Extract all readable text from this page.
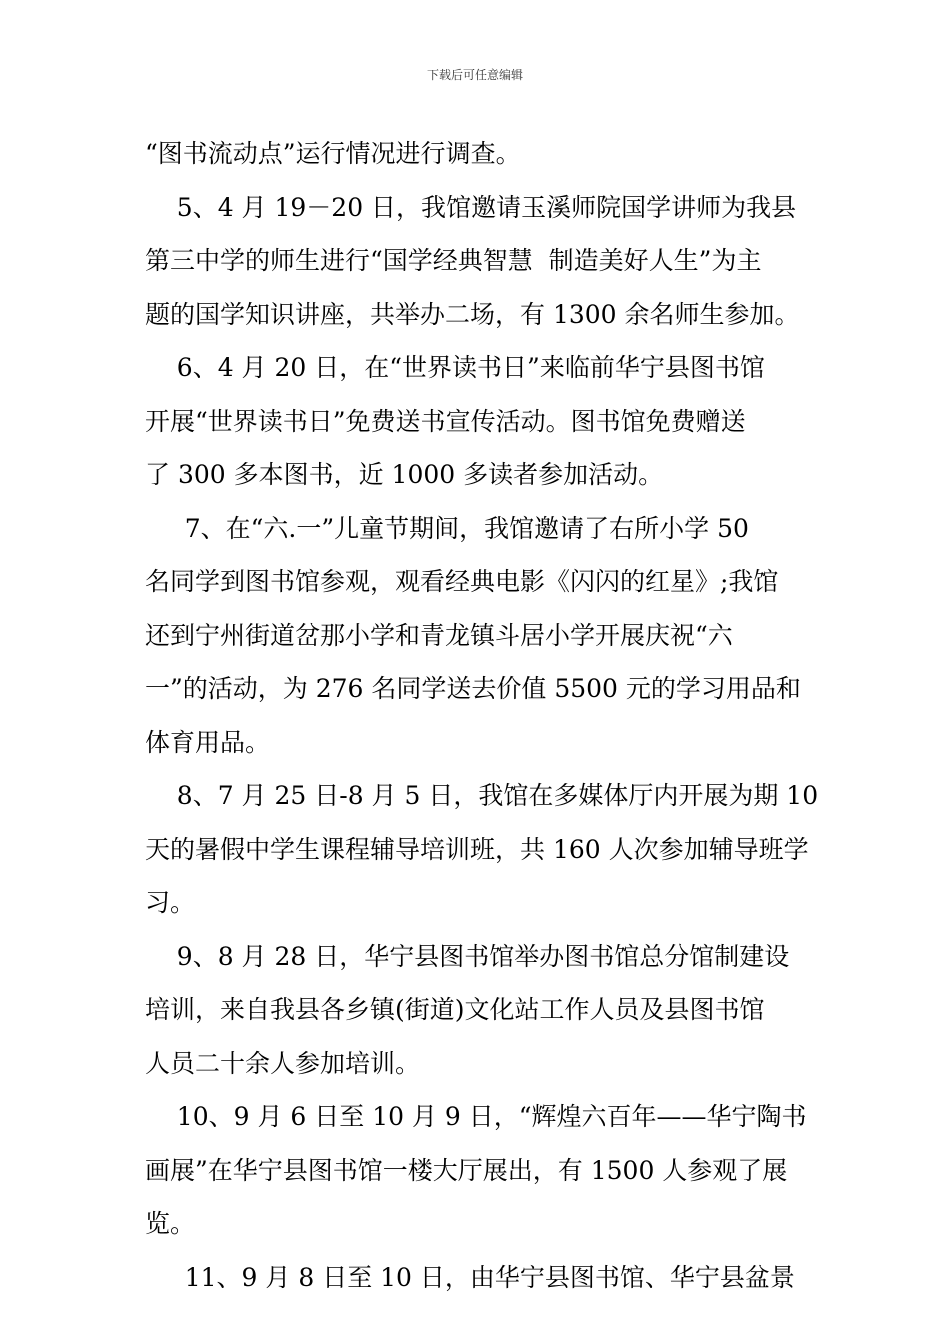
下载后可任意编辑
“图书流动点”运行情况进行调查。
5、4 月 19－20 日，我馆邀请玉溪师院国学讲师为我县
第三中学的师生进行“国学经典智慧  制造美好人生”为主
题的国学知识讲座，共举办二场，有 1300 余名师生参加。
6、4 月 20 日，在“世界读书日”来临前华宁县图书馆
开展“世界读书日”免费送书宣传活动。图书馆免费赠送
了 300 多本图书，近 1000 多读者参加活动。
7、在“六.一”儿童节期间，我馆邀请了右所小学 50
名同学到图书馆参观，观看经典电影《闪闪的红星》;我馆
还到宁州街道岔那小学和青龙镇斗居小学开展庆祝“六
一”的活动，为 276 名同学送去价值 5500 元的学习用品和
体育用品。
8、7 月 25 日-8 月 5 日，我馆在多媒体厅内开展为期 10
天的暑假中学生课程辅导培训班，共 160 人次参加辅导班学
习。
9、8 月 28 日，华宁县图书馆举办图书馆总分馆制建设
培训，来自我县各乡镇(街道)文化站工作人员及县图书馆
人员二十余人参加培训。
10、9 月 6 日至 10 月 9 日，“辉煌六百年——华宁陶书
画展”在华宁县图书馆一楼大厅展出，有 1500 人参观了展
览。
11、9 月 8 日至 10 日，由华宁县图书馆、华宁县盆景
